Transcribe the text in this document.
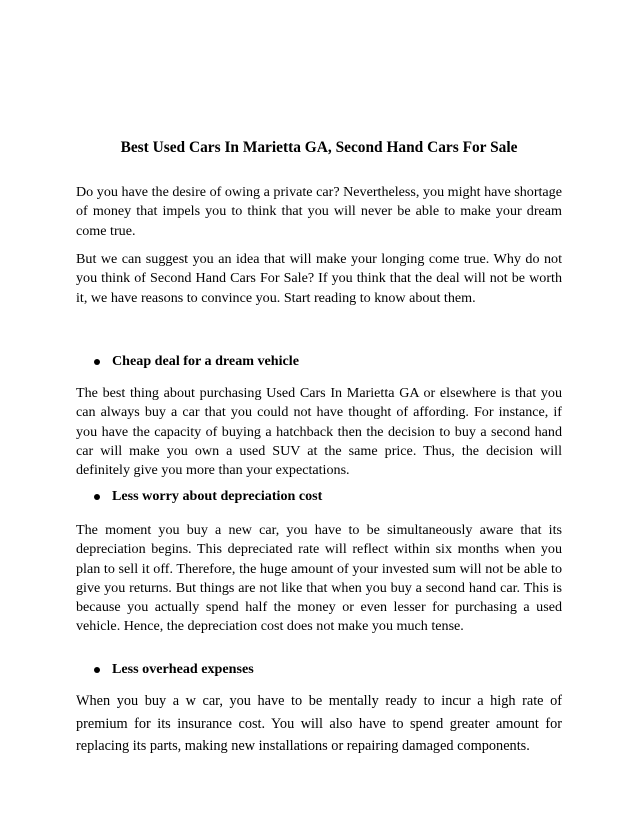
Best Used Cars In Marietta GA, Second Hand Cars For Sale

Do you have the desire of owing a private car? Nevertheless, you might have shortage of money that impels you to think that you will never be able to make your dream come true.

But we can suggest you an idea that will make your longing come true. Why do not you think of Second Hand Cars For Sale? If you think that the deal will not be worth it, we have reasons to convince you. Start reading to know about them.

Cheap deal for a dream vehicle

The best thing about purchasing Used Cars In Marietta GA or elsewhere is that you can always buy a car that you could not have thought of affording. For instance, if you have the capacity of buying a hatchback then the decision to buy a second hand car will make you own a used SUV at the same price. Thus, the decision will definitely give you more than your expectations.

Less worry about depreciation cost

The moment you buy a new car, you have to be simultaneously aware that its depreciation begins. This depreciated rate will reflect within six months when you plan to sell it off. Therefore, the huge amount of your invested sum will not be able to give you returns. But things are not like that when you buy a second hand car. This is because you actually spend half the money or even lesser for purchasing a used vehicle. Hence, the depreciation cost does not make you much tense.

Less overhead expenses

When you buy a w car, you have to be mentally ready to incur a high rate of premium for its insurance cost. You will also have to spend greater amount for replacing its parts, making new installations or repairing damaged components.
